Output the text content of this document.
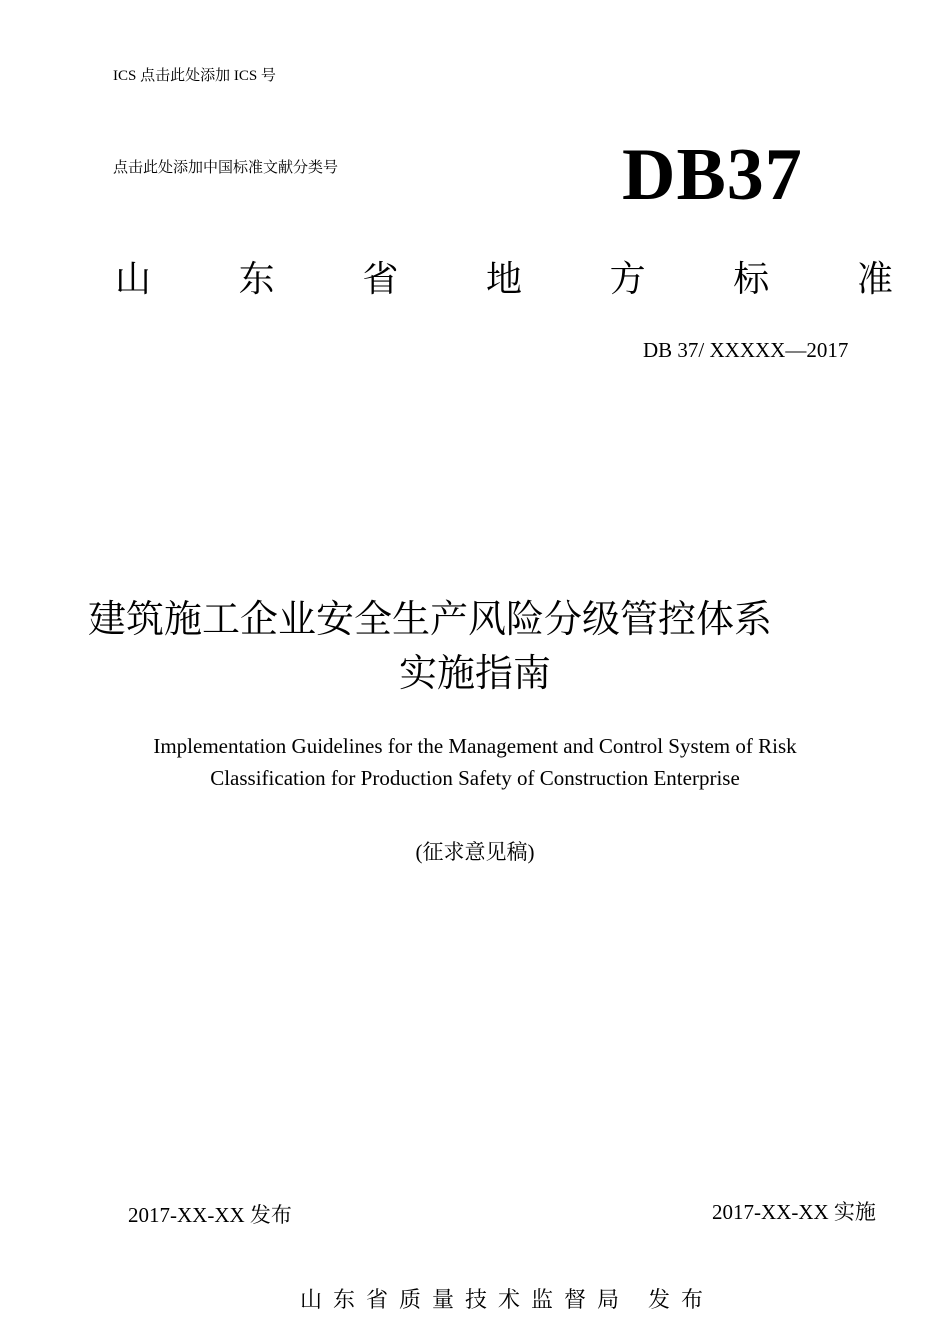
ICS 点击此处添加 ICS 号
点击此处添加中国标准文献分类号	DB37
山 东 省 地 方 标 准
DB 37/ XXXXX—2017
建筑施工企业安全生产风险分级管控体系
实施指南
Implementation Guidelines for the Management and Control System of Risk
Classification for Production Safety of Construction Enterprise
(征求意见稿)
2017-XX-XX 发布	2017-XX-XX 实施
山东省质量技术监督局 发布
